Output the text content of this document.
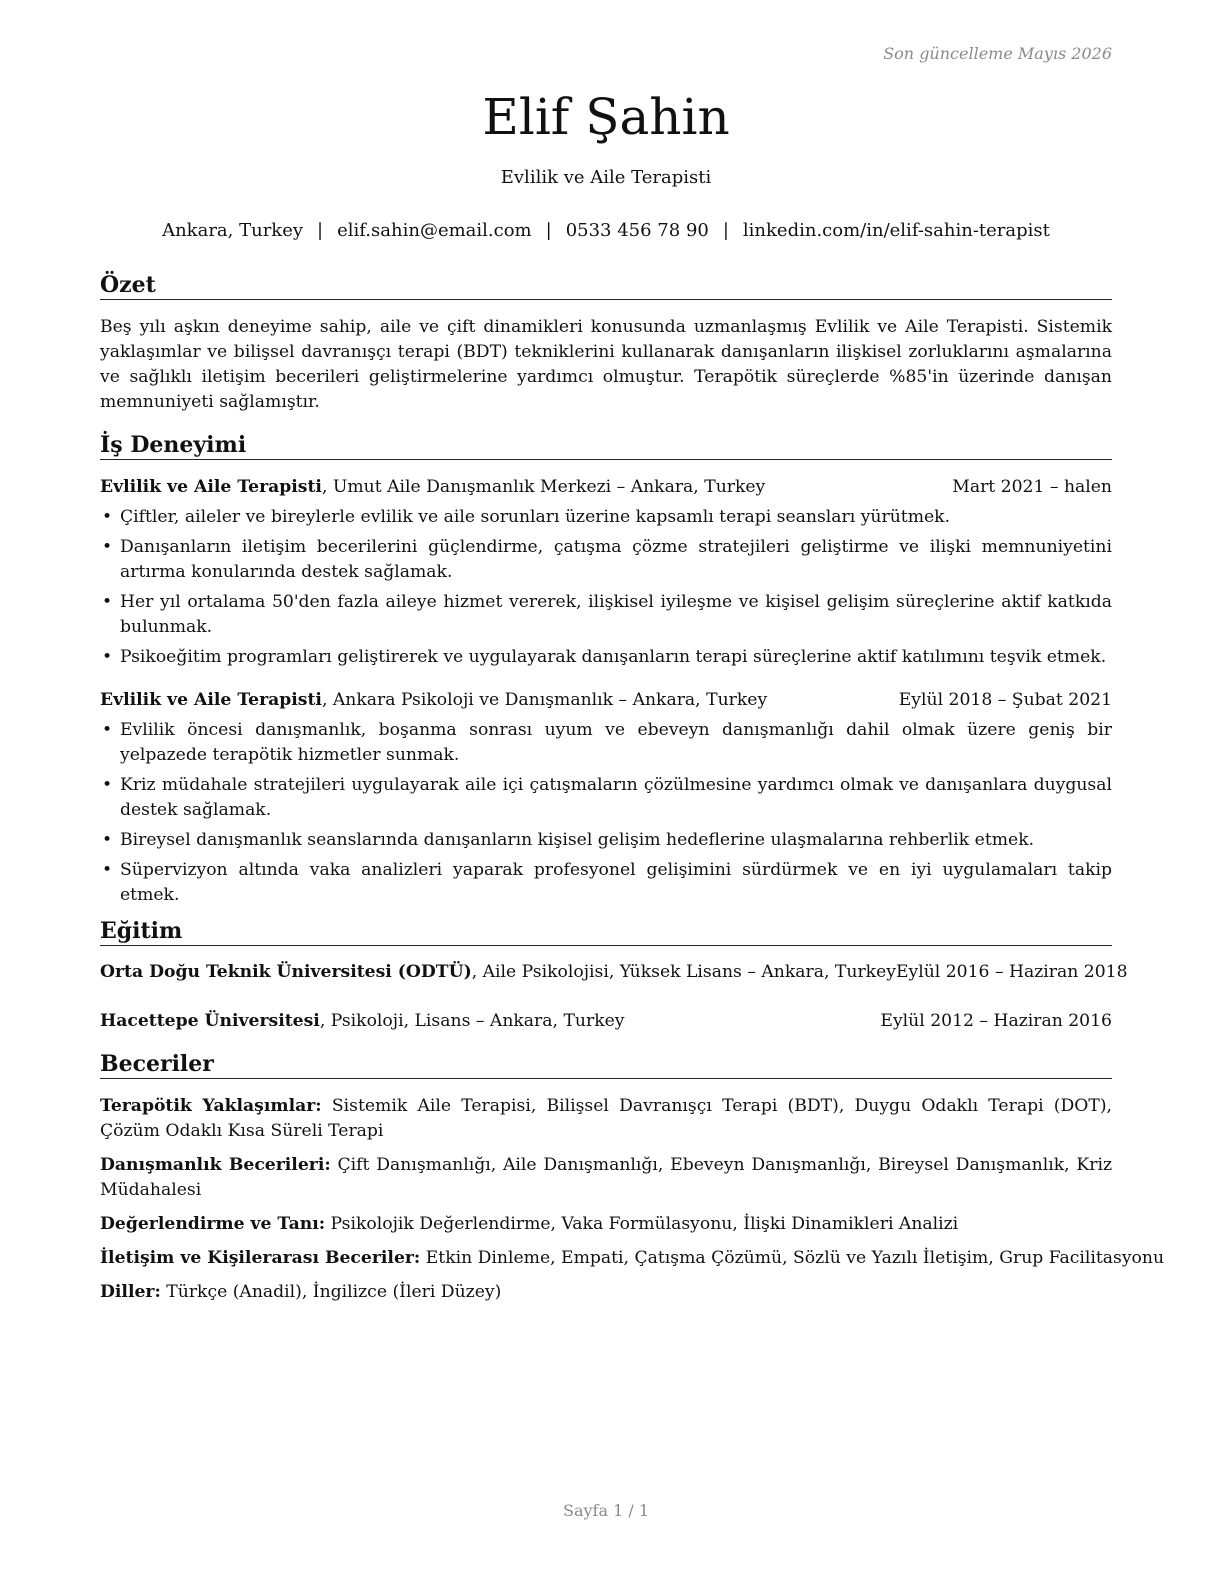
Son güncelleme Mayıs 2026
Elif Şahin
Evlilik ve Aile Terapisti
Ankara, Turkey | elif.sahin@email.com | 0533 456 78 90 | linkedin.com/in/elif-sahin-terapist
Özet

Beş yılı aşkın deneyime sahip, aile ve çift dinamikleri konusunda uzmanlaşmış Evlilik ve Aile Terapisti. Sistemik yaklaşımlar ve bilişsel davranışçı terapi (BDT) tekniklerini kullanarak danışanların ilişkisel zorluklarını aşmalarına ve sağlıklı iletişim becerileri geliştirmelerine yardımcı olmuştur. Terapötik süreçlerde %85'in üzerinde danışan memnuniyeti sağlamıştır.

İş Deneyimi
Evlilik ve Aile Terapisti, Umut Aile Danışmanlık Merkezi – Ankara, Turkey	Mart 2021 – halen
• Çiftler, aileler ve bireylerle evlilik ve aile sorunları üzerine kapsamlı terapi seansları yürütmek.
• Danışanların iletişim becerilerini güçlendirme, çatışma çözme stratejileri geliştirme ve ilişki memnuniyetini artırma konularında destek sağlamak.
• Her yıl ortalama 50'den fazla aileye hizmet vererek, ilişkisel iyileşme ve kişisel gelişim süreçlerine aktif katkıda bulunmak.
• Psikoeğitim programları geliştirerek ve uygulayarak danışanların terapi süreçlerine aktif katılımını teşvik etmek.
Evlilik ve Aile Terapisti, Ankara Psikoloji ve Danışmanlık – Ankara, Turkey	Eylül 2018 – Şubat 2021
• Evlilik öncesi danışmanlık, boşanma sonrası uyum ve ebeveyn danışmanlığı dahil olmak üzere geniş bir yelpazede terapötik hizmetler sunmak.
• Kriz müdahale stratejileri uygulayarak aile içi çatışmaların çözülmesine yardımcı olmak ve danışanlara duygusal destek sağlamak.
• Bireysel danışmanlık seanslarında danışanların kişisel gelişim hedeflerine ulaşmalarına rehberlik etmek.
• Süpervizyon altında vaka analizleri yaparak profesyonel gelişimini sürdürmek ve en iyi uygulamaları takip etmek.
Eğitim
Orta Doğu Teknik Üniversitesi (ODTÜ), Aile Psikolojisi, Yüksek Lisans – Ankara, Turkey Eylül 2016 – Haziran 2018
Hacettepe Üniversitesi, Psikoloji, Lisans – Ankara, Turkey	Eylül 2012 – Haziran 2016
Beceriler
Terapötik Yaklaşımlar: Sistemik Aile Terapisi, Bilişsel Davranışçı Terapi (BDT), Duygu Odaklı Terapi (DOT), Çözüm Odaklı Kısa Süreli Terapi
Danışmanlık Becerileri: Çift Danışmanlığı, Aile Danışmanlığı, Ebeveyn Danışmanlığı, Bireysel Danışmanlık, Kriz Müdahalesi
Değerlendirme ve Tanı: Psikolojik Değerlendirme, Vaka Formülasyonu, İlişki Dinamikleri Analizi
İletişim ve Kişilerarası Beceriler: Etkin Dinleme, Empati, Çatışma Çözümü, Sözlü ve Yazılı İletişim, Grup Facilitasyonu
Diller: Türkçe (Anadil), İngilizce (İleri Düzey)
Sayfa 1 / 1
